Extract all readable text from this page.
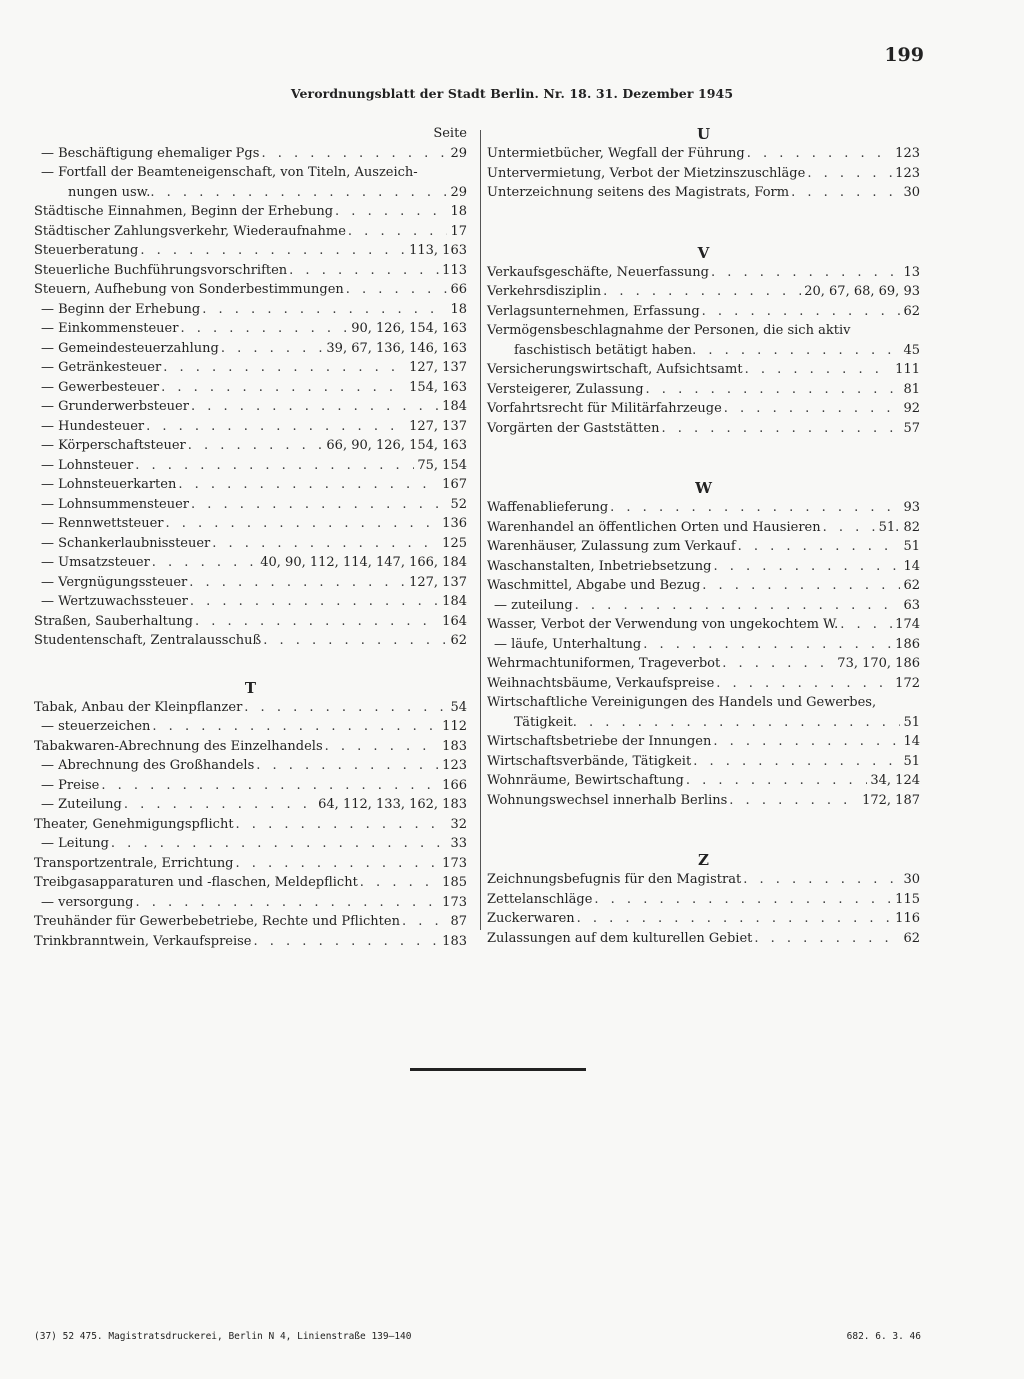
199
Verordnungsblatt der Stadt Berlin. Nr. 18. 31. Dezember 1945
Seite
— Beschäftigung ehemaliger Pgs . . .	29
— Fortfall der Beamteneigenschaft, von Titeln, Auszeich-
nungen usw. . . .	29
Städtische Einnahmen, Beginn der Erhebung . . .	18
Städtischer Zahlungsverkehr, Wiederaufnahme . . .	17
Steuerberatung . . .	113, 163
Steuerliche Buchführungsvorschriften . . .	113
Steuern, Aufhebung von Sonderbestimmungen . . .	66
— Beginn der Erhebung . . .	18
— Einkommensteuer . . .	90, 126, 154, 163
— Gemeindesteuerzahlung . . .	39, 67, 136, 146, 163
— Getränkesteuer . . .	127, 137
— Gewerbesteuer . . .	154, 163
— Grunderwerbsteuer . . .	184
— Hundesteuer . . .	127, 137
— Körperschaftsteuer . . .	66, 90, 126, 154, 163
— Lohnsteuer . . .	75, 154
— Lohnsteuerkarten . . .	167
— Lohnsummensteuer . . .	52
— Rennwettsteuer . . .	136
— Schankerlaubnissteuer . . .	125
— Umsatzsteuer . . .	40, 90, 112, 114, 147, 166, 184
— Vergnügungssteuer . . .	127, 137
— Wertzuwachssteuer . . .	184
Straßen, Sauberhaltung . . .	164
Studentenschaft, Zentralausschuß . . .	62
T
Tabak, Anbau der Kleinpflanzer . . .	54
— steuerzeichen . . .	112
Tabakwaren-Abrechnung des Einzelhandels . . .	183
— Abrechnung des Großhandels . . .	123
— Preise . . .	166
— Zuteilung . . .	64, 112, 133, 162, 183
Theater, Genehmigungspflicht . . .	32
— Leitung . . .	33
Transportzentrale, Errichtung . . .	173
Treibgasapparaturen und -flaschen, Meldepflicht . . .	185
— versorgung . . .	173
Treuhänder für Gewerbebetriebe, Rechte und Pflichten . . .	87
Trinkbranntwein, Verkaufspreise . . .	183
U
Untermietbücher, Wegfall der Führung . . .	123
Untervermietung, Verbot der Mietzinszuschläge . . .	123
Unterzeichnung seitens des Magistrats, Form . . .	30
V
Verkaufsgeschäfte, Neuerfassung . . .	13
Verkehrsdisziplin . . .	20, 67, 68, 69, 93
Verlagsunternehmen, Erfassung . . .	62
Vermögensbeschlagnahme der Personen, die sich aktiv
faschistisch betätigt haben . . .	45
Versicherungswirtschaft, Aufsichtsamt . . .	111
Versteigerer, Zulassung . . .	81
Vorfahrtsrecht für Militärfahrzeuge . . .	92
Vorgärten der Gaststätten . . .	57
W
Waffenablieferung . . .	93
Warenhandel an öffentlichen Orten und Hausieren . . .	51. 82
Warenhäuser, Zulassung zum Verkauf . . .	51
Waschanstalten, Inbetriebsetzung . . .	14
Waschmittel, Abgabe und Bezug . . .	62
— zuteilung . . .	63
Wasser, Verbot der Verwendung von ungekochtem W. . . .	174
— läufe, Unterhaltung . . .	186
Wehrmachtuniformen, Trageverbot . . .	73, 170, 186
Weihnachtsbäume, Verkaufspreise . . .	172
Wirtschaftliche Vereinigungen des Handels und Gewerbes,
Tätigkeit . . .	51
Wirtschaftsbetriebe der Innungen . . .	14
Wirtschaftsverbände, Tätigkeit . . .	51
Wohnräume, Bewirtschaftung . . .	34, 124
Wohnungswechsel innerhalb Berlins . . .	172, 187
Z
Zeichnungsbefugnis für den Magistrat . . .	30
Zettelanschläge . . .	115
Zuckerwaren . . .	116
Zulassungen auf dem kulturellen Gebiet . . .	62
(37) 52 475. Magistratsdruckerei, Berlin N 4, Linienstraße 139—140	682. 6. 3. 46
